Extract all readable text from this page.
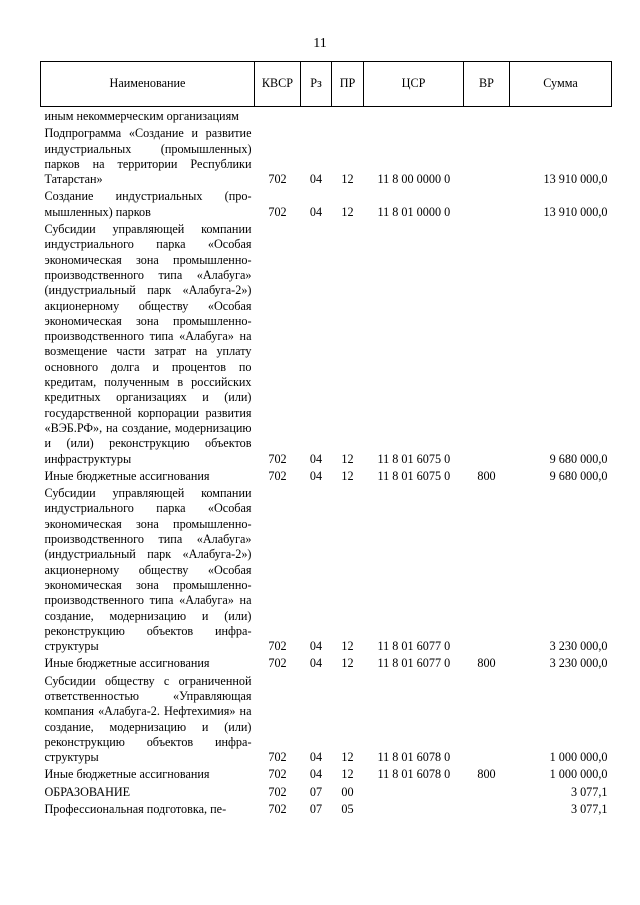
11
Наименование	КВСР	Рз	ПР	ЦСР	ВР	Сумма
иным некоммерческим организациям						
Подпрограмма «Создание и развитие индустриальных (промышленных) парков на территории Республики Татарстан»	702	04	12	11 8 00 0000 0		13 910 000,0
Создание индустриальных (промышленных) парков	702	04	12	11 8 01 0000 0		13 910 000,0
Субсидии управляющей компании индустриального парка «Особая экономическая зона промышленно-производственного типа «Алабуга» (индустриальный парк «Алабуга-2») акционерному обществу «Особая экономическая зона промышленно-производственного типа «Алабуга» на возмещение части затрат на уплату основного долга и процентов по кредитам, полученным в российских кредитных организациях и (или) государственной корпорации развития «ВЭБ.РФ», на создание, модернизацию и (или) реконструкцию объектов инфраструктуры	702	04	12	11 8 01 6075 0		9 680 000,0
Иные бюджетные ассигнования	702	04	12	11 8 01 6075 0	800	9 680 000,0
Субсидии управляющей компании индустриального парка «Особая экономическая зона промышленно-производственного типа «Алабуга» (индустриальный парк «Алабуга-2») акционерному обществу «Особая экономическая зона промышленно-производственного типа «Алабуга» на создание, модернизацию и (или) реконструкцию объектов инфраструктуры	702	04	12	11 8 01 6077 0		3 230 000,0
Иные бюджетные ассигнования	702	04	12	11 8 01 6077 0	800	3 230 000,0
Субсидии обществу с ограниченной ответственностью «Управляющая компания «Алабуга-2. Нефтехимия» на создание, модернизацию и (или) реконструкцию объектов инфраструктуры	702	04	12	11 8 01 6078 0		1 000 000,0
Иные бюджетные ассигнования	702	04	12	11 8 01 6078 0	800	1 000 000,0
ОБРАЗОВАНИЕ	702	07	00			3 077,1
Профессиональная подготовка, пе-	702	07	05			3 077,1
